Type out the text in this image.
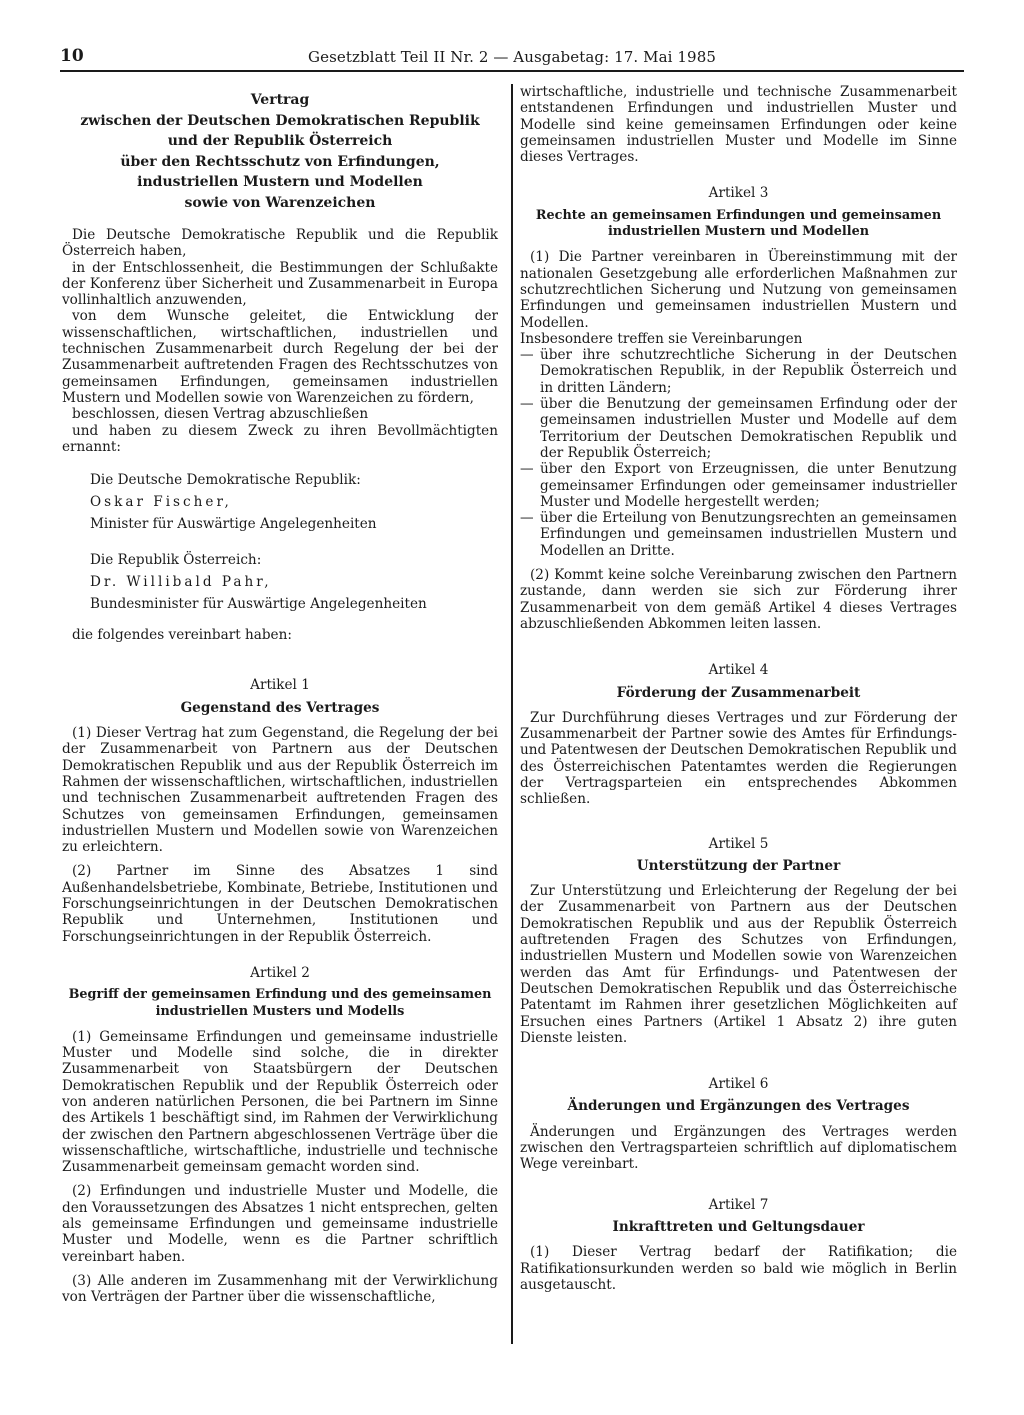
10	Gesetzblatt Teil II Nr. 2 — Ausgabetag: 17. Mai 1985

Vertrag

zwischen der Deutschen Demokratischen Republik

und der Republik Österreich

über den Rechtsschutz von Erfindungen,

industriellen Mustern und Modellen

sowie von Warenzeichen

Die Deutsche Demokratische Republik und die Republik Österreich haben,

in der Entschlossenheit, die Bestimmungen der Schlußakte der Konferenz über Sicherheit und Zusammenarbeit in Europa vollinhaltlich anzuwenden,

von dem Wunsche geleitet, die Entwicklung der wissenschaftlichen, wirtschaftlichen, industriellen und technischen Zusammenarbeit durch Regelung der bei der Zusammenarbeit auftretenden Fragen des Rechtsschutzes von gemeinsamen Erfindungen, gemeinsamen industriellen Mustern und Modellen sowie von Warenzeichen zu fördern,

beschlossen, diesen Vertrag abzuschließen

und haben zu diesem Zweck zu ihren Bevollmächtigten ernannt:

Die Deutsche Demokratische Republik:

Oskar Fischer,

Minister für Auswärtige Angelegenheiten

Die Republik Österreich:

Dr. Willibald Pahr,

Bundesminister für Auswärtige Angelegenheiten

die folgendes vereinbart haben:

Artikel 1

Gegenstand des Vertrages

(1) Dieser Vertrag hat zum Gegenstand, die Regelung der bei der Zusammenarbeit von Partnern aus der Deutschen Demokratischen Republik und aus der Republik Österreich im Rahmen der wissenschaftlichen, wirtschaftlichen, industriellen und technischen Zusammenarbeit auftretenden Fragen des Schutzes von gemeinsamen Erfindungen, gemeinsamen industriellen Mustern und Modellen sowie von Warenzeichen zu erleichtern.

(2) Partner im Sinne des Absatzes 1 sind Außenhandelsbetriebe, Kombinate, Betriebe, Institutionen und Forschungseinrichtungen in der Deutschen Demokratischen Republik und Unternehmen, Institutionen und Forschungseinrichtungen in der Republik Österreich.

Artikel 2

Begriff der gemeinsamen Erfindung und des gemeinsamen industriellen Musters und Modells

(1) Gemeinsame Erfindungen und gemeinsame industrielle Muster und Modelle sind solche, die in direkter Zusammenarbeit von Staatsbürgern der Deutschen Demokratischen Republik und der Republik Österreich oder von anderen natürlichen Personen, die bei Partnern im Sinne des Artikels 1 beschäftigt sind, im Rahmen der Verwirklichung der zwischen den Partnern abgeschlossenen Verträge über die wissenschaftliche, wirtschaftliche, industrielle und technische Zusammenarbeit gemeinsam gemacht worden sind.

(2) Erfindungen und industrielle Muster und Modelle, die den Voraussetzungen des Absatzes 1 nicht entsprechen, gelten als gemeinsame Erfindungen und gemeinsame industrielle Muster und Modelle, wenn es die Partner schriftlich vereinbart haben.

(3) Alle anderen im Zusammenhang mit der Verwirklichung von Verträgen der Partner über die wissenschaftliche,

wirtschaftliche, industrielle und technische Zusammenarbeit entstandenen Erfindungen und industriellen Muster und Modelle sind keine gemeinsamen Erfindungen oder keine gemeinsamen industriellen Muster und Modelle im Sinne dieses Vertrages.

Artikel 3

Rechte an gemeinsamen Erfindungen und gemeinsamen industriellen Mustern und Modellen

(1) Die Partner vereinbaren in Übereinstimmung mit der nationalen Gesetzgebung alle erforderlichen Maßnahmen zur schutzrechtlichen Sicherung und Nutzung von gemeinsamen Erfindungen und gemeinsamen industriellen Mustern und Modellen.

Insbesondere treffen sie Vereinbarungen

— über ihre schutzrechtliche Sicherung in der Deutschen Demokratischen Republik, in der Republik Österreich und in dritten Ländern;

— über die Benutzung der gemeinsamen Erfindung oder der gemeinsamen industriellen Muster und Modelle auf dem Territorium der Deutschen Demokratischen Republik und der Republik Österreich;

— über den Export von Erzeugnissen, die unter Benutzung gemeinsamer Erfindungen oder gemeinsamer industrieller Muster und Modelle hergestellt werden;

— über die Erteilung von Benutzungsrechten an gemeinsamen Erfindungen und gemeinsamen industriellen Mustern und Modellen an Dritte.

(2) Kommt keine solche Vereinbarung zwischen den Partnern zustande, dann werden sie sich zur Förderung ihrer Zusammenarbeit von dem gemäß Artikel 4 dieses Vertrages abzuschließenden Abkommen leiten lassen.

Artikel 4

Förderung der Zusammenarbeit

Zur Durchführung dieses Vertrages und zur Förderung der Zusammenarbeit der Partner sowie des Amtes für Erfindungs- und Patentwesen der Deutschen Demokratischen Republik und des Österreichischen Patentamtes werden die Regierungen der Vertragsparteien ein entsprechendes Abkommen schließen.

Artikel 5

Unterstützung der Partner

Zur Unterstützung und Erleichterung der Regelung der bei der Zusammenarbeit von Partnern aus der Deutschen Demokratischen Republik und aus der Republik Österreich auftretenden Fragen des Schutzes von Erfindungen, industriellen Mustern und Modellen sowie von Warenzeichen werden das Amt für Erfindungs- und Patentwesen der Deutschen Demokratischen Republik und das Österreichische Patentamt im Rahmen ihrer gesetzlichen Möglichkeiten auf Ersuchen eines Partners (Artikel 1 Absatz 2) ihre guten Dienste leisten.

Artikel 6

Änderungen und Ergänzungen des Vertrages

Änderungen und Ergänzungen des Vertrages werden zwischen den Vertragsparteien schriftlich auf diplomatischem Wege vereinbart.

Artikel 7

Inkrafttreten und Geltungsdauer

(1) Dieser Vertrag bedarf der Ratifikation; die Ratifikationsurkunden werden so bald wie möglich in Berlin ausgetauscht.
